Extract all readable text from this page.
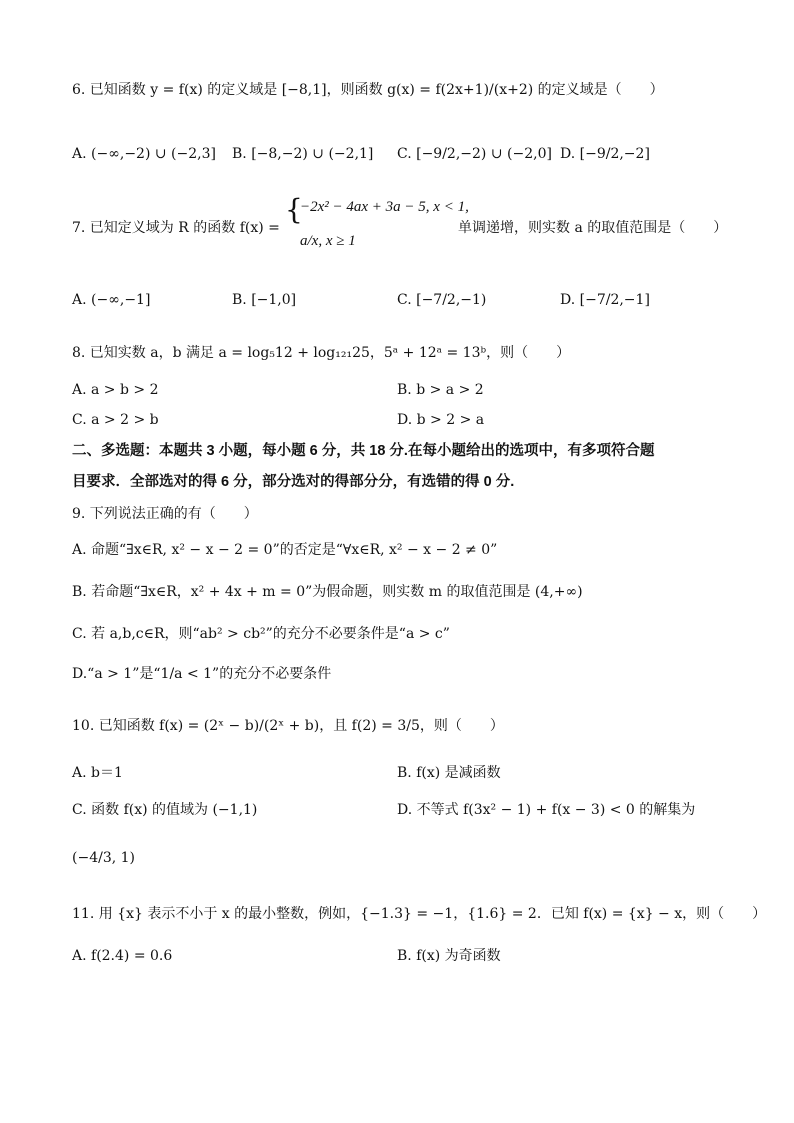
6. 已知函数 y = f(x) 的定义域是 [−8,1]，则函数 g(x) = f(2x+1)/(x+2) 的定义域是（　　）
A. (−∞,−2) ∪ (−2,3] B. [−8,−2) ∪ (−2,1] C. [−9/2,−2) ∪ (−2,0] D. [−9/2,−2]
7. 已知定义域为 R 的函数 f(x) =
{
−2x² − 4ax + 3a − 5, x < 1,
a/x, x ≥ 1
单调递增，则实数 a 的取值范围是（　　）
A. (−∞,−1]	B. [−1,0]	C. [−7/2,−1)	D. [−7/2,−1]
8. 已知实数 a，b 满足 a = log₅12 + log₁₂₁25，5ᵃ + 12ᵃ = 13ᵇ，则（　　）
A. a > b > 2	B. b > a > 2
C. a > 2 > b	D. b > 2 > a
二、多选题：本题共 3 小题，每小题 6 分，共 18 分.在每小题给出的选项中，有多项符合题
目要求．全部选对的得 6 分，部分选对的得部分分，有选错的得 0 分.
9. 下列说法正确的有（　　）
A. 命题“∃x∈R, x² − x − 2 = 0”的否定是“∀x∈R, x² − x − 2 ≠ 0”
B. 若命题“∃x∈R，x² + 4x + m = 0”为假命题，则实数 m 的取值范围是 (4,+∞)
C. 若 a,b,c∈R，则“ab² > cb²”的充分不必要条件是“a > c”
D.“a > 1”是“1/a < 1”的充分不必要条件
10. 已知函数 f(x) = (2ˣ − b)/(2ˣ + b)，且 f(2) = 3/5，则（　　）
A. b＝1	B. f(x) 是减函数
C. 函数 f(x) 的值域为 (−1,1)	D. 不等式 f(3x² − 1) + f(x − 3) < 0 的解集为
(−4/3, 1)
11. 用 {x} 表示不小于 x 的最小整数，例如，{−1.3} = −1，{1.6} = 2．已知 f(x) = {x} − x，则（　　）
A. f(2.4) = 0.6	B. f(x) 为奇函数
